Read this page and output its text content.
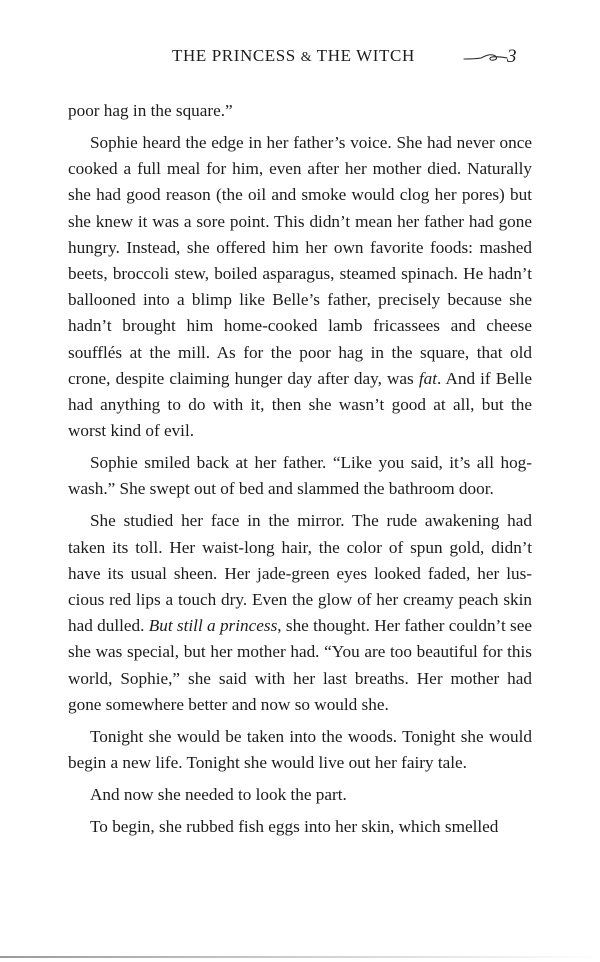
THE PRINCESS & THE WITCH	3

poor hag in the square.”

Sophie heard the edge in her father’s voice. She had never once cooked a full meal for him, even after her mother died. Naturally she had good reason (the oil and smoke would clog her pores) but she knew it was a sore point. This didn’t mean her father had gone hungry. Instead, she offered him her own favorite foods: mashed beets, broccoli stew, boiled asparagus, steamed spinach. He hadn’t ballooned into a blimp like Belle’s father, precisely because she hadn’t brought him home-cooked lamb fricassees and cheese soufflés at the mill. As for the poor hag in the square, that old crone, despite claiming hunger day after day, was fat. And if Belle had anything to do with it, then she wasn’t good at all, but the worst kind of evil.

Sophie smiled back at her father. “Like you said, it’s all hog-wash.” She swept out of bed and slammed the bathroom door.

She studied her face in the mirror. The rude awakening had taken its toll. Her waist-long hair, the color of spun gold, didn’t have its usual sheen. Her jade-green eyes looked faded, her lus-cious red lips a touch dry. Even the glow of her creamy peach skin had dulled. But still a princess, she thought. Her father couldn’t see she was special, but her mother had. “You are too beautiful for this world, Sophie,” she said with her last breaths. Her mother had gone somewhere better and now so would she.

Tonight she would be taken into the woods. Tonight she would begin a new life. Tonight she would live out her fairy tale.

And now she needed to look the part.

To begin, she rubbed fish eggs into her skin, which smelled
